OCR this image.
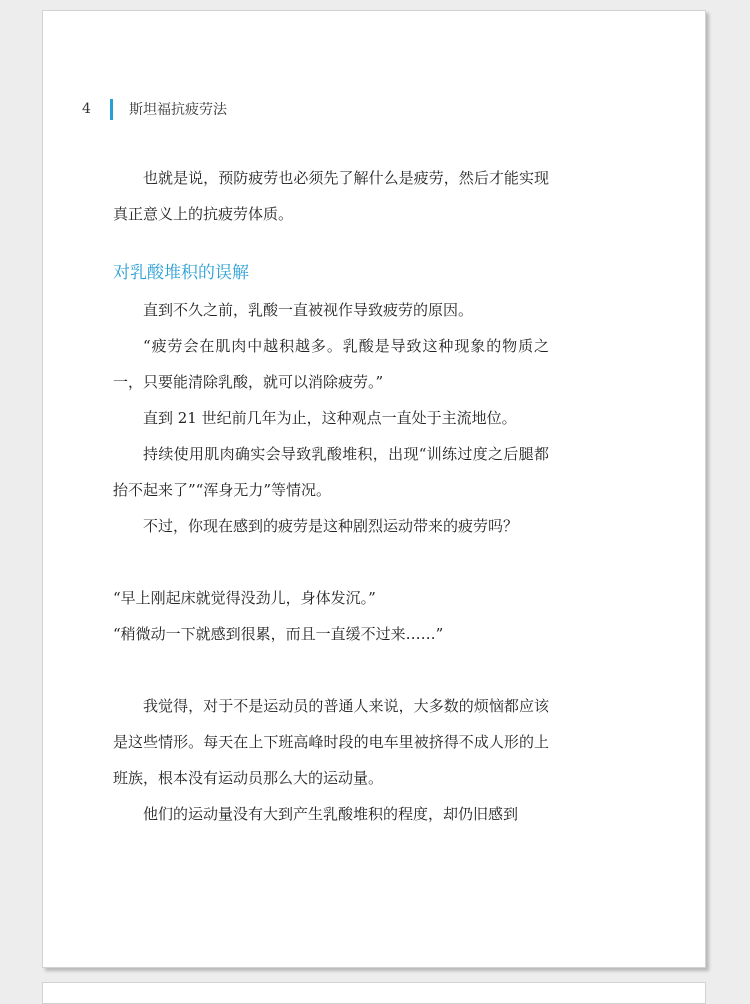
4	斯坦福抗疲劳法

也就是说，预防疲劳也必须先了解什么是疲劳，然后才能实现真正意义上的抗疲劳体质。

对乳酸堆积的误解

直到不久之前，乳酸一直被视作导致疲劳的原因。

“疲劳会在肌肉中越积越多。乳酸是导致这种现象的物质之一，只要能清除乳酸，就可以消除疲劳。”

直到 21 世纪前几年为止，这种观点一直处于主流地位。

持续使用肌肉确实会导致乳酸堆积，出现“训练过度之后腿都抬不起来了”“浑身无力”等情况。

不过，你现在感到的疲劳是这种剧烈运动带来的疲劳吗？

“早上刚起床就觉得没劲儿，身体发沉。”

“稍微动一下就感到很累，而且一直缓不过来……”

我觉得，对于不是运动员的普通人来说，大多数的烦恼都应该是这些情形。每天在上下班高峰时段的电车里被挤得不成人形的上班族，根本没有运动员那么大的运动量。

他们的运动量没有大到产生乳酸堆积的程度，却仍旧感到
